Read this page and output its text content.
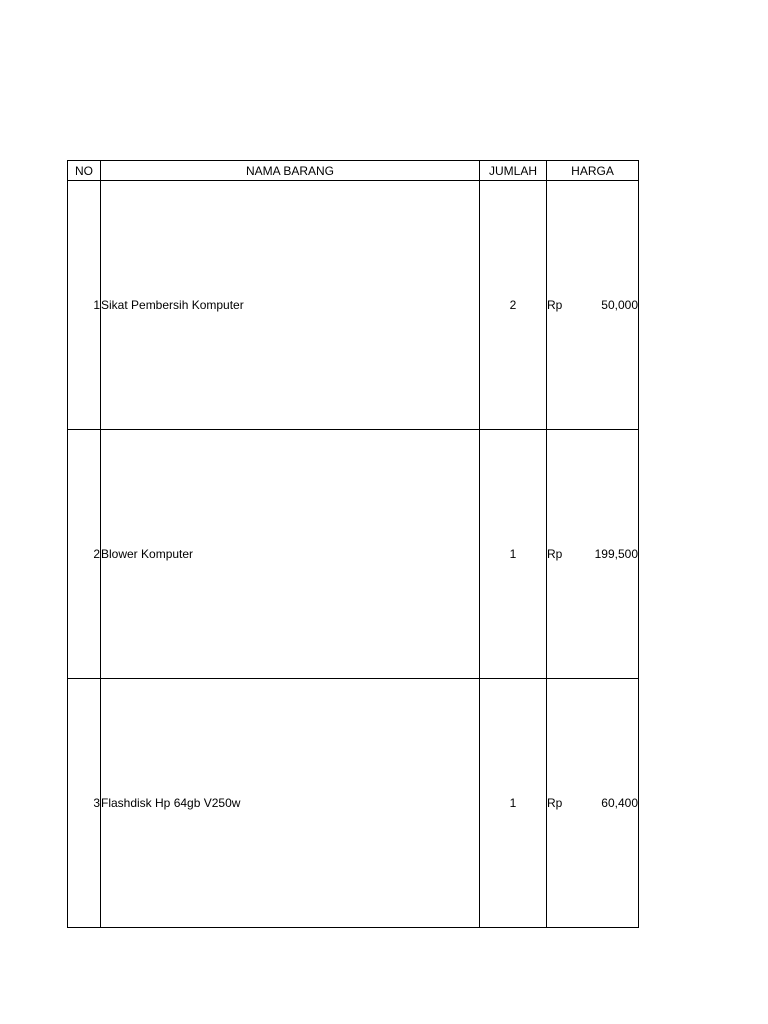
NO	NAMA BARANG	JUMLAH	HARGA
1	Sikat Pembersih Komputer	2	Rp 50,000

2	Blower Komputer	1	Rp 199,500

3	Flashdisk Hp 64gb V250w	1	Rp 60,400
